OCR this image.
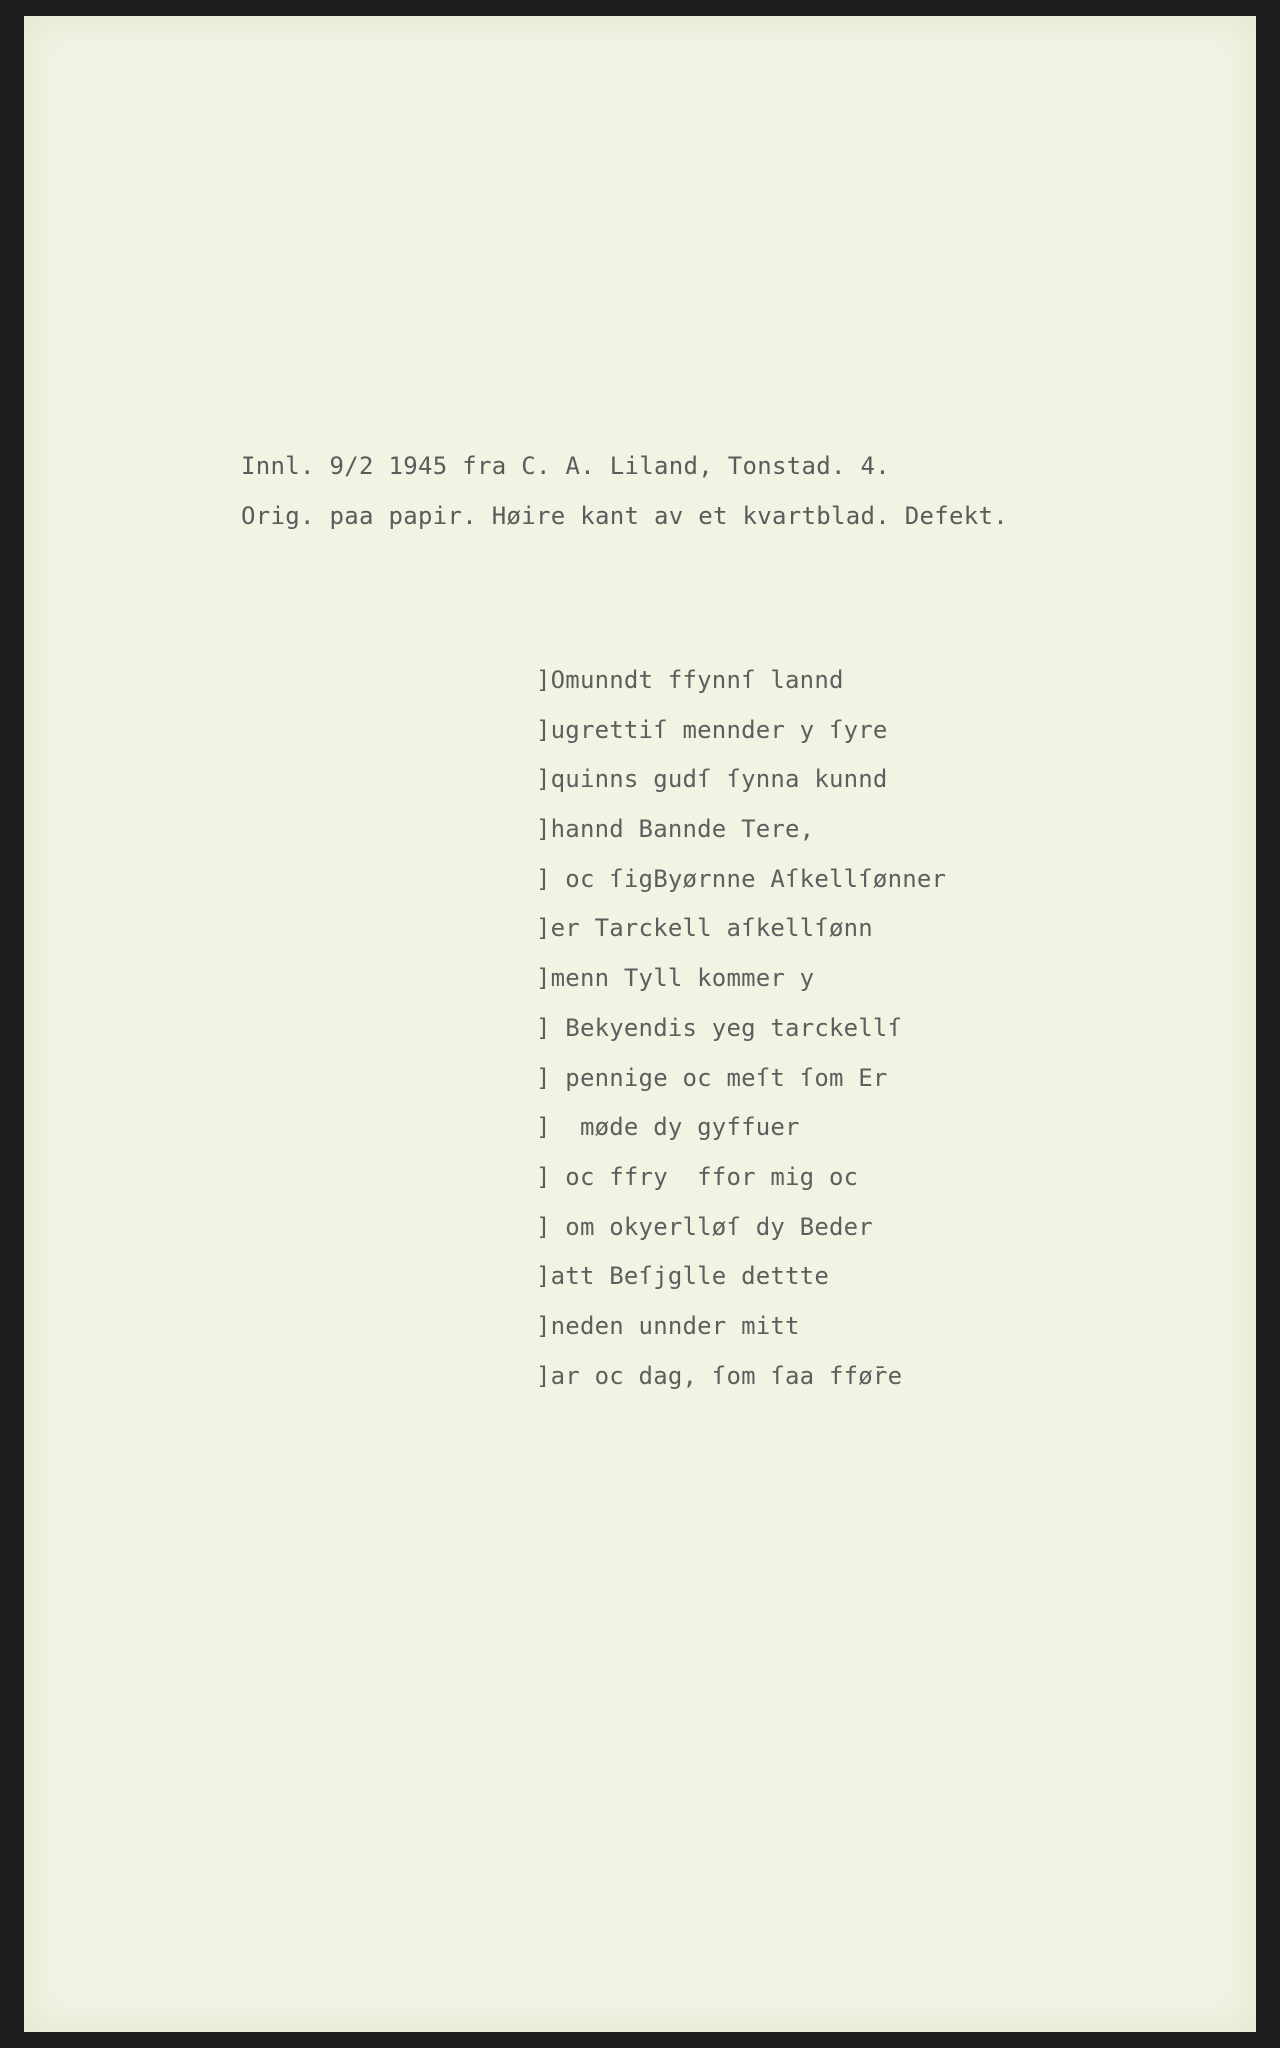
Innl. 9/2 1945 fra C. A. Liland, Tonstad. 4.
Orig. paa papir. Høire kant av et kvartblad. Defekt.
]Omunndt ffynnſ lannd
]ugrettiſ mennder y ſyre
]quinns gudſ ſynna kunnd
]hannd Bannde Tere,
] oc ſigByørnne Aſkellſønner
]er Tarckell aſkellſønn
]menn Tyll kommer y
] Bekyendis yeg tarckellſ
] pennige oc meſt ſom Er
]  møde dy gyffuer
] oc ffry  ffor mig oc
] om okyerlløſ dy Beder
]att Beſjglle dettte
]neden unnder mitt
]ar oc dag, ſom ſaa ffør̄e
